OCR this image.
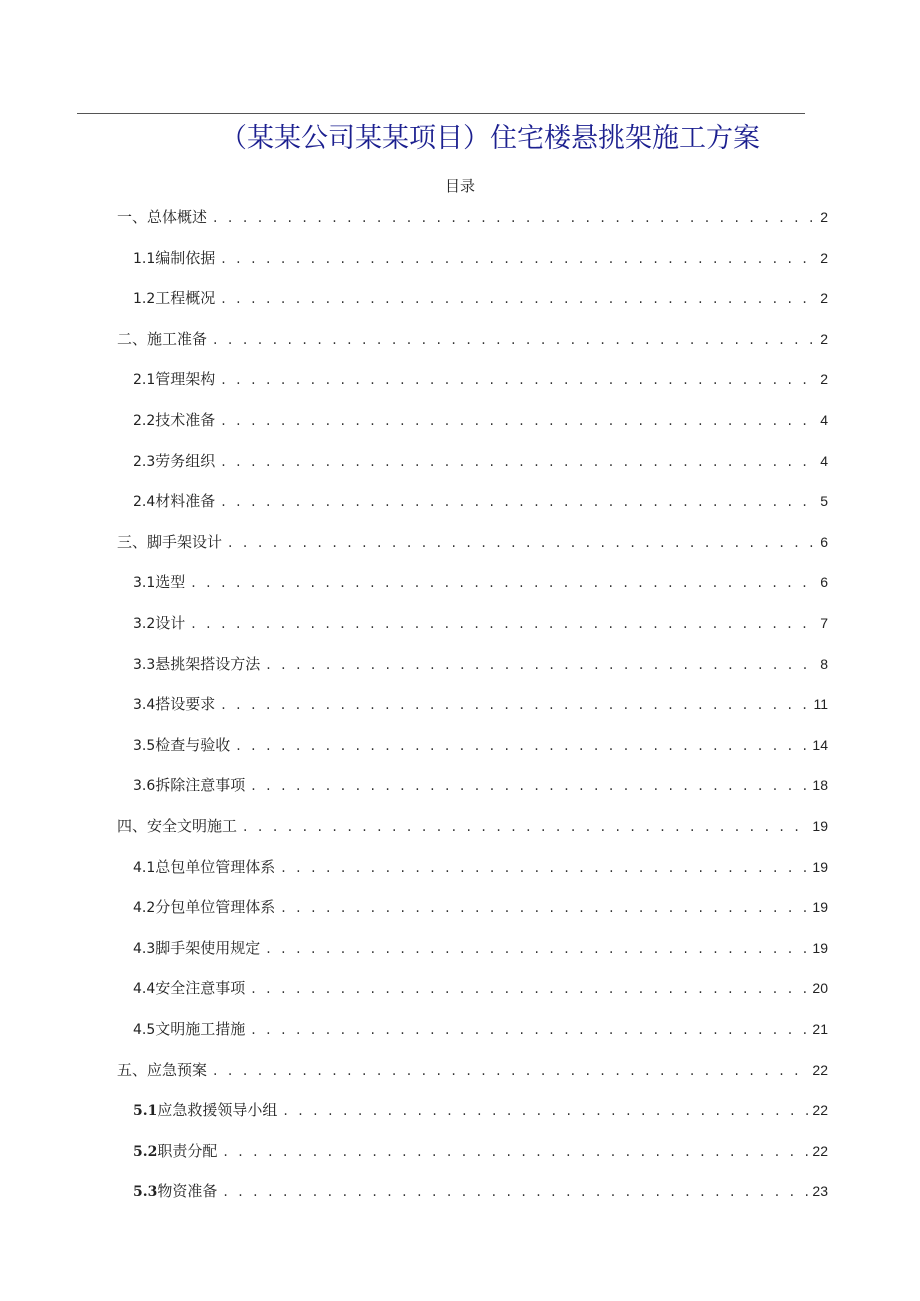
（某某公司某某项目）住宅楼悬挑架施工方案
目录
一、总体概述 . . .	2
1.1 编制依据 . . .	2
1.2 工程概况 . . .	2
二、施工准备 . . .	2
2.1 管理架构 . . .	2
2.2 技术准备 . . .	4
2.3 劳务组织 . . .	4
2.4 材料准备 . . .	5
三、脚手架设计 . . .	6
3.1 选型 . . .	6
3.2 设计 . . .	7
3.3 悬挑架搭设方法 . . .	8
3.4 搭设要求 . . .	11
3.5 检查与验收 . . .	14
3.6 拆除注意事项 . . .	18
四、安全文明施工 . . .	19
4.1 总包单位管理体系 . . .	19
4.2 分包单位管理体系 . . .	19
4.3 脚手架使用规定 . . .	19
4.4 安全注意事项 . . .	20
4.5 文明施工措施 . . .	21
五、应急预案 . . .	22
5.1 应急救援领导小组 . . .	22
5.2 职责分配 . . .	22
5.3 物资准备 . . .	23
